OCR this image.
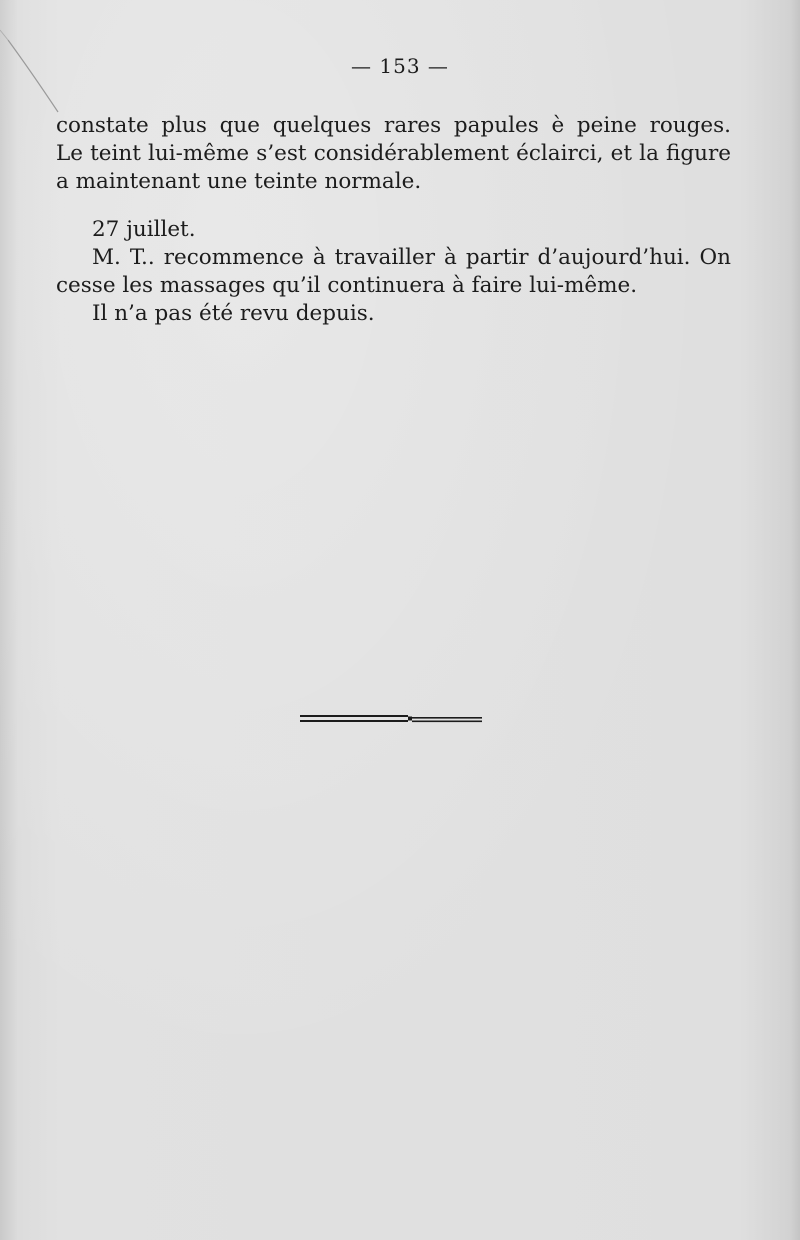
— 153 —

constate plus que quelques rares papules è peine rouges.
Le teint lui-même s’est considérablement éclairci, et la figure
a maintenant une teinte normale.

27 juillet.

M. T.. recommence à travailler à partir d’aujourd’hui. On
cesse les massages qu’il continuera à faire lui-même.

Il n’a pas été revu depuis.
